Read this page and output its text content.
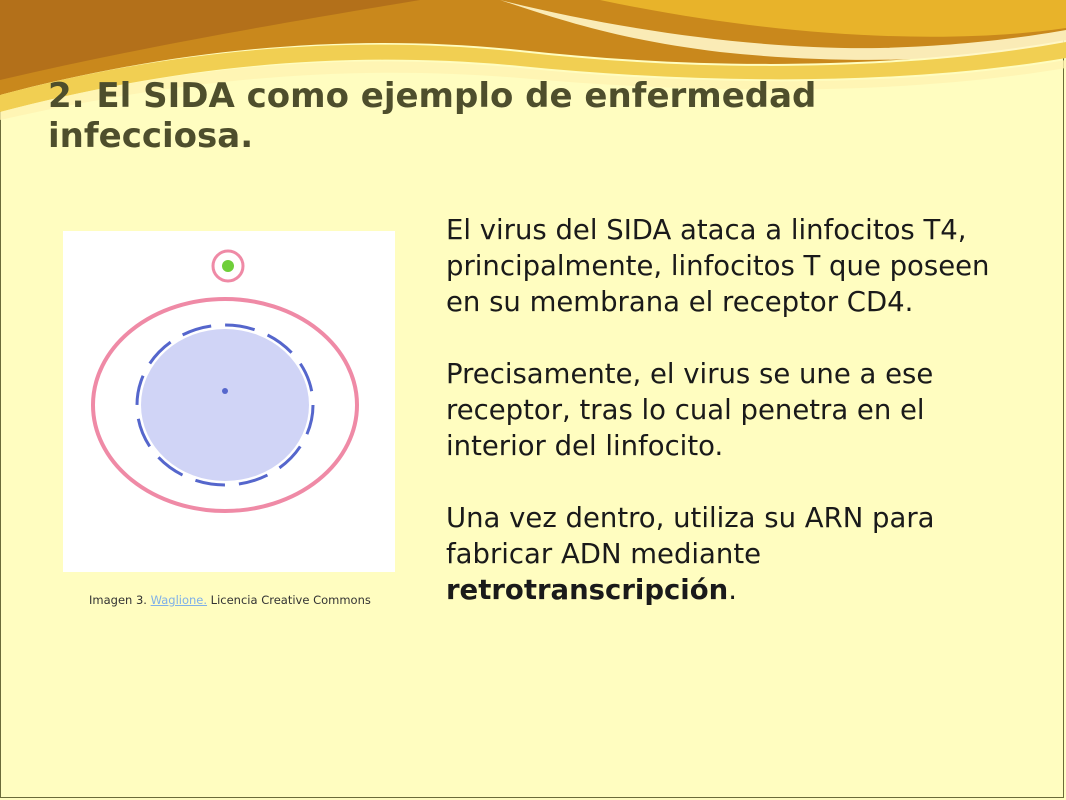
2. El SIDA como ejemplo de enfermedad infecciosa.
Imagen 3. Waglione. Licencia Creative Commons

El virus del SIDA ataca a linfocitos T4, principalmente, linfocitos T que poseen en su membrana el receptor CD4.

Precisamente, el virus se une a ese receptor, tras lo cual penetra en el interior del linfocito.

Una vez dentro, utiliza su ARN para fabricar ADN mediante retrotranscripción.
